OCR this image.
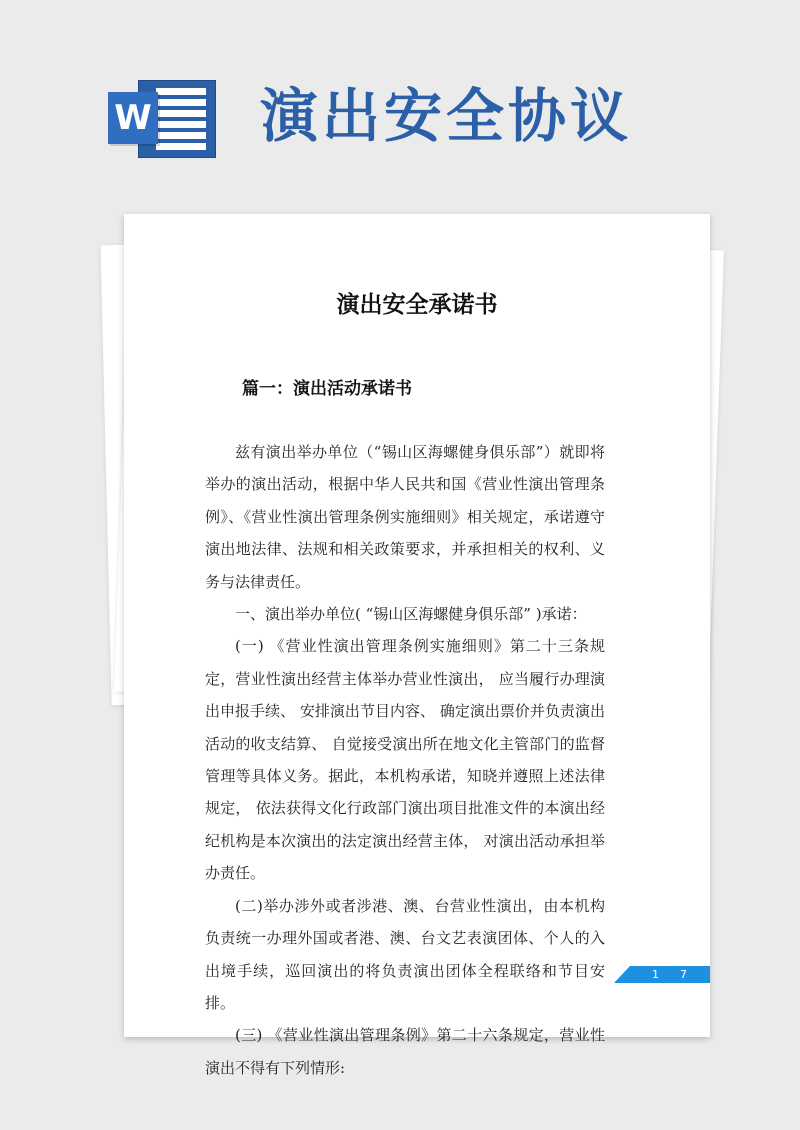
W 演出安全协议
演出安全承诺书
篇一：演出活动承诺书

兹有演出举办单位（“锡山区海螺健身俱乐部”）就即将举办的演出活动，根据中华人民共和国《营业性演出管理条例》、《营业性演出管理条例实施细则》相关规定，承诺遵守演出地法律、法规和相关政策要求，并承担相关的权利、义务与法律责任。

一、演出举办单位( “锡山区海螺健身俱乐部” )承诺：

(一) 《营业性演出管理条例实施细则》第二十三条规定，营业性演出经营主体举办营业性演出， 应当履行办理演出申报手续、 安排演出节目内容、 确定演出票价并负责演出活动的收支结算、 自觉接受演出所在地文化主管部门的监督管理等具体义务。据此，本机构承诺，知晓并遵照上述法律规定， 依法获得文化行政部门演出项目批准文件的本演出经纪机构是本次演出的法定演出经营主体， 对演出活动承担举办责任。

(二)举办涉外或者涉港、澳、台营业性演出，由本机构负责统一办理外国或者港、澳、台文艺表演团体、个人的入出境手续，巡回演出的将负责演出团体全程联络和节目安排。

(三) 《营业性演出管理条例》第二十六条规定，营业性演出不得有下列情形:

1 7
